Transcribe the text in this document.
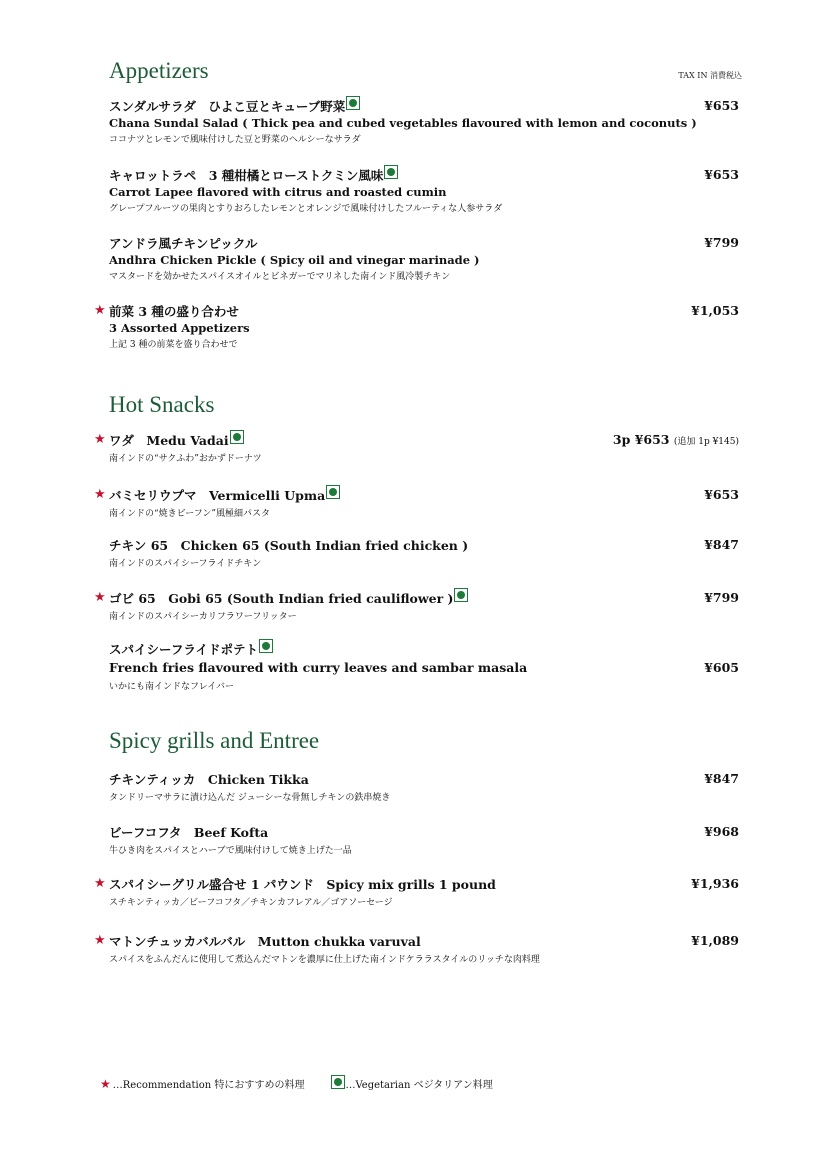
Appetizers	TAX IN 消費税込
スンダルサラダ　ひよこ豆とキューブ野菜	¥653
Chana Sundal Salad ( Thick pea and cubed vegetables flavoured with lemon and coconuts )
ココナツとレモンで風味付けした豆と野菜のヘルシーなサラダ
キャロットラペ　3 種柑橘とローストクミン風味	¥653
Carrot Lapee flavored with citrus and roasted cumin
グレープフルーツの果肉とすりおろしたレモンとオレンジで風味付けしたフルーティな人参サラダ
アンドラ風チキンピックル	¥799
Andhra Chicken Pickle ( Spicy oil and vinegar marinade )
マスタードを効かせたスパイスオイルとビネガーでマリネした南インド風冷製チキン
★ 前菜 3 種の盛り合わせ	¥1,053
3 Assorted Appetizers
上記 3 種の前菜を盛り合わせで
Hot Snacks
★ ワダ　Medu Vadai	3p ¥653 (追加 1p ¥145)
南インドの“サクふわ”おかずドーナツ
★ バミセリウプマ　Vermicelli Upma	¥653
南インドの“焼きビーフン”風極細パスタ
チキン 65　Chicken 65 (South Indian fried chicken )	¥847
南インドのスパイシーフライドチキン
★ ゴビ 65　Gobi 65 (South Indian fried cauliflower )	¥799
南インドのスパイシーカリフラワーフリッター
スパイシーフライドポテト
French fries flavoured with curry leaves and sambar masala	¥605
いかにも南インドなフレイバー
Spicy grills and Entree
チキンティッカ　Chicken Tikka	¥847
タンドリーマサラに漬け込んだ ジューシーな骨無しチキンの鉄串焼き
ビーフコフタ　Beef Kofta	¥968
牛ひき肉をスパイスとハーブで風味付けして焼き上げた一品
★ スパイシーグリル盛合せ 1 パウンド　Spicy mix grills 1 pound	¥1,936
スチキンティッカ／ビーフコフタ／チキンカフレアル／ゴアソーセージ
★ マトンチュッカバルバル　Mutton chukka varuval	¥1,089
スパイスをふんだんに使用して煮込んだマトンを濃厚に仕上げた南インドケララスタイルのリッチな肉料理
★ …Recommendation 特におすすめの料理	…Vegetarian ベジタリアン料理
